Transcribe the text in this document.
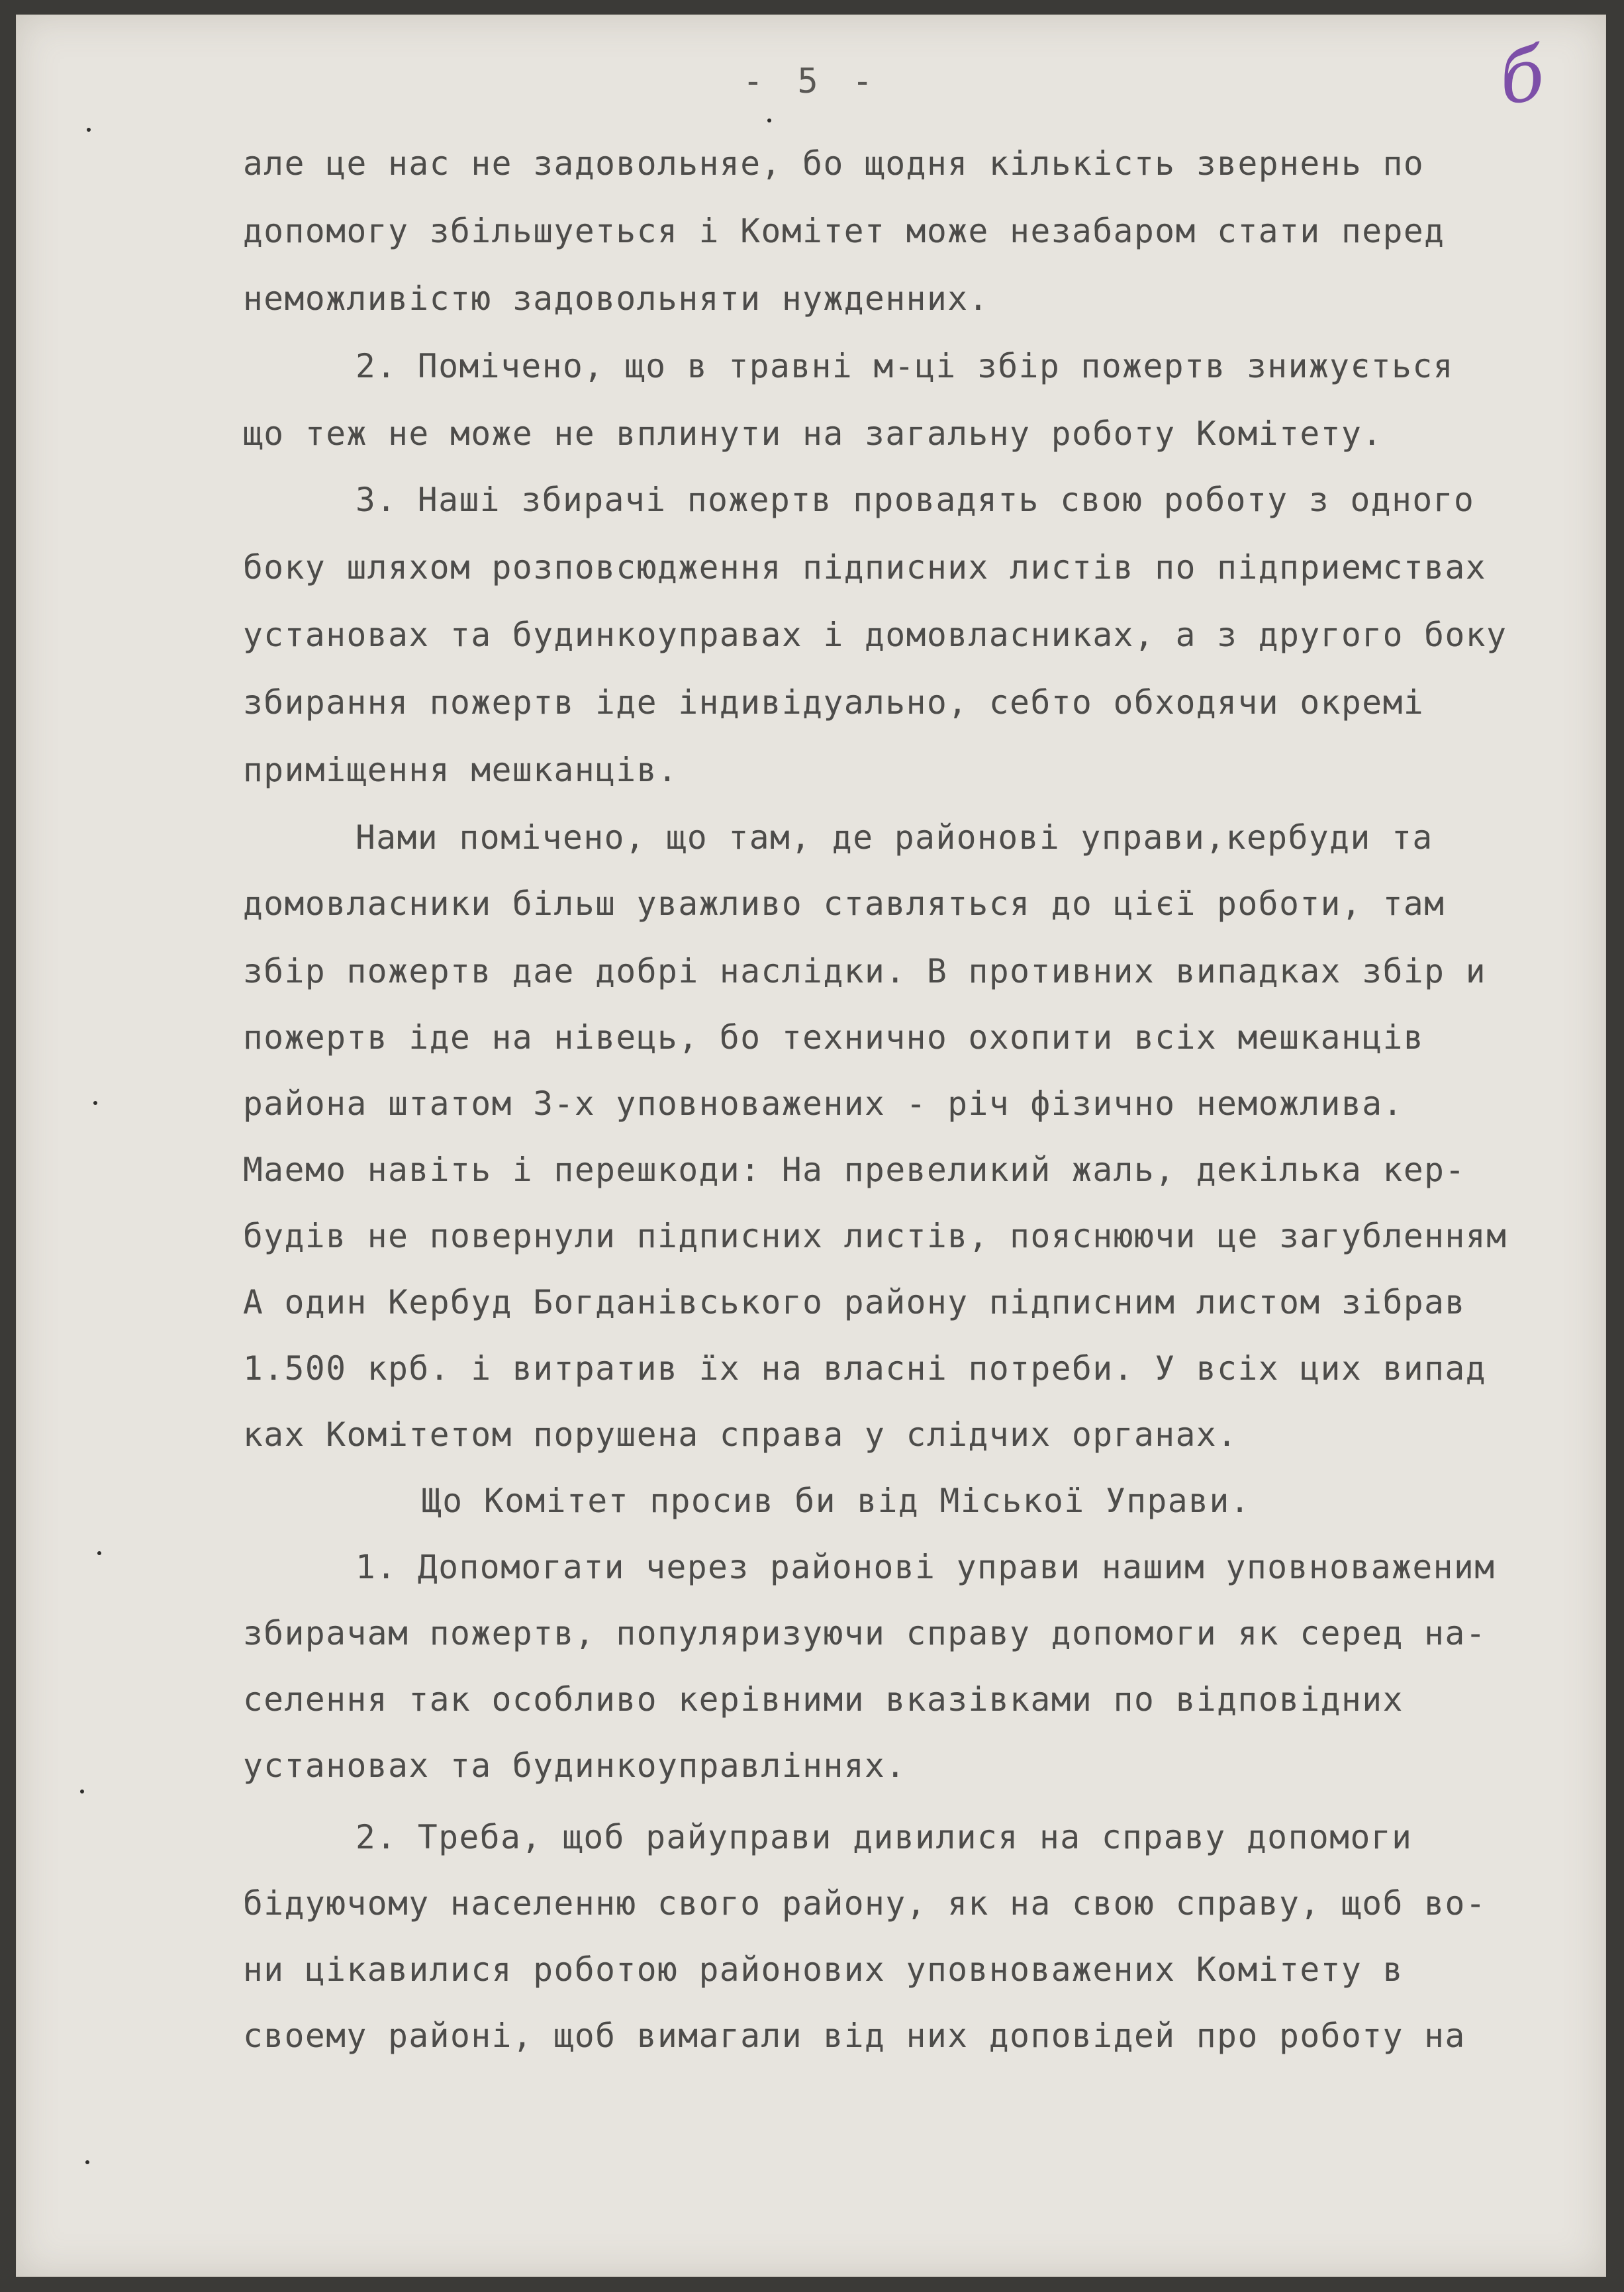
- 5 -	б
але це нас не задовольняе, бо щодня кількість звернень по
допомогу збільшуеться і Комітет може незабаром стати перед
неможливістю задовольняти нужденних.
2. Помічено, що в травні м-ці збір пожертв знижується
що теж не може не вплинути на загальну роботу Комітету.
3. Наші збирачі пожертв провадять свою роботу з одного
боку шляхом розповсюдження підписних листів по підприемствах
установах та будинкоуправах і домовласниках, а з другого боку
збирання пожертв іде індивідуально, себто обходячи окремі
приміщення мешканців.
Нами помічено, що там, де районові управи,кербуди та
домовласники більш уважливо ставляться до цієї роботи, там
збір пожертв дае добрі наслідки. В противних випадках збір и
пожертв іде на нівець, бо технично охопити всіх мешканців
района штатом 3-х уповноважених - річ фізично неможлива.
Маемо навіть і перешкоди: На превеликий жаль, декілька кер-
будів не повернули підписних листів, пояснюючи це загубленням
А один Кербуд Богданівського району підписним листом зібрав
1.500 крб. і витратив їх на власні потреби. У всіх цих випад
ках Комітетом порушена справа у слідчих органах.
Що Комітет просив би від Міської Управи.
1. Допомогати через районові управи нашим уповноваженим
збирачам пожертв, популяризуючи справу допомоги як серед на-
селення так особливо керівними вказівками по відповідних
установах та будинкоуправліннях.
2. Треба, щоб райуправи дивилися на справу допомоги
бідуючому населенню свого району, як на свою справу, щоб во-
ни цікавилися роботою районових уповноважених Комітету в
своему районі, щоб вимагали від них доповідей про роботу на
